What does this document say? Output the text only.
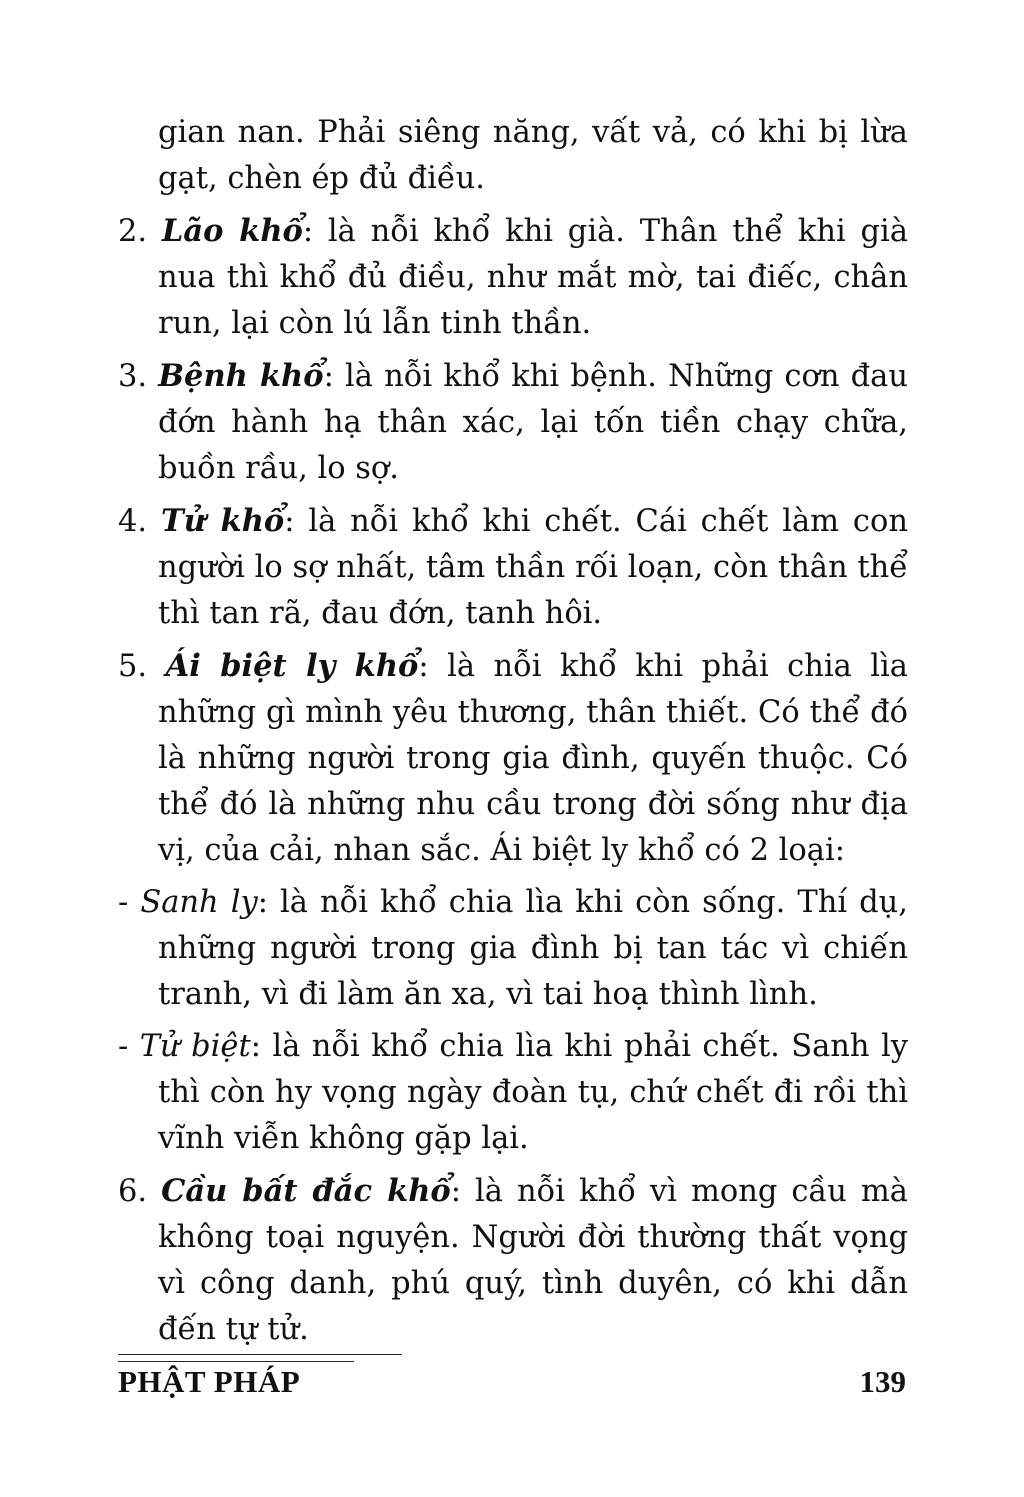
gian nan. Phải siêng năng, vất vả, có khi bị lừa gạt, chèn ép đủ điều.

2. Lão khổ: là nỗi khổ khi già. Thân thể khi già nua thì khổ đủ điều, như mắt mờ, tai điếc, chân run, lại còn lú lẫn tinh thần.

3. Bệnh khổ: là nỗi khổ khi bệnh. Những cơn đau đớn hành hạ thân xác, lại tốn tiền chạy chữa, buồn rầu, lo sợ.

4. Tử khổ: là nỗi khổ khi chết. Cái chết làm con người lo sợ nhất, tâm thần rối loạn, còn thân thể thì tan rã, đau đớn, tanh hôi.

5. Ái biệt ly khổ: là nỗi khổ khi phải chia lìa những gì mình yêu thương, thân thiết. Có thể đó là những người trong gia đình, quyến thuộc. Có thể đó là những nhu cầu trong đời sống như địa vị, của cải, nhan sắc. Ái biệt ly khổ có 2 loại:

- Sanh ly: là nỗi khổ chia lìa khi còn sống. Thí dụ, những người trong gia đình bị tan tác vì chiến tranh, vì đi làm ăn xa, vì tai hoạ thình lình.

- Tử biệt: là nỗi khổ chia lìa khi phải chết. Sanh ly thì còn hy vọng ngày đoàn tụ, chứ chết đi rồi thì vĩnh viễn không gặp lại.

6. Cầu bất đắc khổ: là nỗi khổ vì mong cầu mà không toại nguyện. Người đời thường thất vọng vì công danh, phú quý, tình duyên, có khi dẫn đến tự tử.

PHẬT PHÁP	139
